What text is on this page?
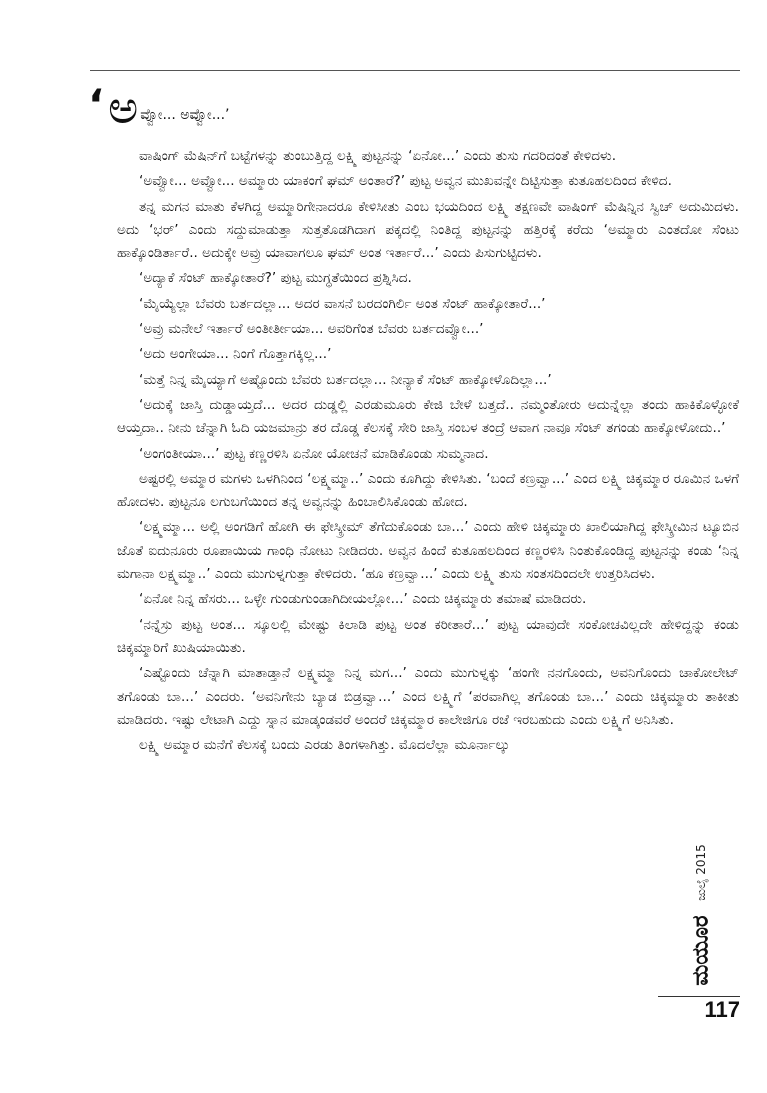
‘ ಅ ವ್ವೋ... ಅವ್ವೋ...’

ವಾಷಿಂಗ್ ಮೆಷಿನ್‌ಗೆ ಬಟ್ಟೆಗಳನ್ನು ತುಂಬುತ್ತಿದ್ದ ಲಕ್ಷ್ಮಿ ಪುಟ್ಟನನ್ನು ‘ಏನೋ...’ ಎಂದು ತುಸು ಗದರಿದಂತೆ ಕೇಳಿದಳು.

‘ಅವ್ವೋ... ಅವ್ವೋ... ಅಮ್ಮಾರು ಯಾಕಂಗೆ ಘಮ್ ಅಂತಾರೆ?’ ಪುಟ್ಟ ಅವ್ವನ ಮುಖವನ್ನೇ ದಿಟ್ಟಿಸುತ್ತಾ ಕುತೂಹಲದಿಂದ ಕೇಳಿದ.

ತನ್ನ ಮಗನ ಮಾತು ಕೆಳಗಿದ್ದ ಅಮ್ಮಾರಿಗೇನಾದರೂ ಕೇಳಿಸೀತು ಎಂಬ ಭಯದಿಂದ ಲಕ್ಷ್ಮಿ ತಕ್ಷಣವೇ ವಾಷಿಂಗ್ ಮೆಷಿನ್ನಿನ ಸ್ವಿಚ್ ಅದುಮಿದಳು. ಅದು ‘ಭರ್’ ಎಂದು ಸದ್ದುಮಾಡುತ್ತಾ ಸುತ್ತತೊಡಗಿದಾಗ ಪಕ್ಕದಲ್ಲಿ ನಿಂತಿದ್ದ ಪುಟ್ಟನನ್ನು ಹತ್ತಿರಕ್ಕೆ ಕರೆದು ‘ಅಮ್ಮಾರು ಎಂತದೋ ಸೆಂಟು ಹಾಕ್ಕೊಂಡಿರ್ತಾರೆ.. ಅದುಕ್ಕೇ ಅವ್ರು ಯಾವಾಗಲೂ ಘಮ್ ಅಂತ ಇರ್ತಾರೆ...’ ಎಂದು ಪಿಸುಗುಟ್ಟಿದಳು.

‘ಅದ್ಯಾಕೆ ಸೆಂಟ್ ಹಾಕ್ಕೋತಾರೆ?’ ಪುಟ್ಟ ಮುಗ್ಧತೆಯಿಂದ ಪ್ರಶ್ನಿಸಿದ.

‘ಮೈಯ್ಯೆಲ್ಲಾ ಬೆವರು ಬರ್ತದಲ್ಲಾ... ಅದರ ವಾಸನೆ ಬರದಂಗಿರ್ಲಿ ಅಂತ ಸೆಂಟ್ ಹಾಕ್ಕೋತಾರೆ...’

‘ಅವ್ರು ಮನೇಲೆ ಇರ್ತಾರೆ ಅಂತೀರ್ತೀಯಾ... ಅವರಿಗೆಂತ ಬೆವರು ಬರ್ತದವ್ವೋ...’

‘ಅದು ಅಂಗೇಯಾ... ನಿಂಗೆ ಗೊತ್ತಾಗಕ್ಕಿಲ್ಲ...’

‘ಮತ್ತೆ ನಿನ್ನ ಮೈಯ್ಯಾಗೆ ಅಷ್ಟೊಂದು ಬೆವರು ಬರ್ತದಲ್ಲಾ... ನೀನ್ಯಾಕೆ ಸೆಂಟ್ ಹಾಕ್ಕೋಳೊದಿಲ್ಲಾ...’

‘ಅದುಕ್ಕೆ ಜಾಸ್ತಿ ದುಡ್ಡಾಯ್ತದೆ... ಅದರ ದುಡ್ಡಲ್ಲಿ ಎರಡುಮೂರು ಕೇಜಿ ಬೇಳೆ ಬತ್ತದೆ.. ನಮ್ಮಂತೋರು ಅದುನ್ನೆಲ್ಲಾ ತಂದು ಹಾಕಿಕೊಳ್ಳೋಕೆ ಆಯ್ತದಾ.. ನೀನು ಚೆನ್ನಾಗಿ ಓದಿ ಯಜಮಾನ್ರು ತರ ದೊಡ್ಡ ಕೆಲಸಕ್ಕೆ ಸೇರಿ ಜಾಸ್ತಿ ಸಂಬಳ ತಂದ್ರೆ ಆವಾಗ ನಾವೂ ಸೆಂಟ್ ತಗಂಡು ಹಾಕ್ಕೋಳೋದು..’

‘ಅಂಗಂತೀಯಾ...’ ಪುಟ್ಟ ಕಣ್ಣರಳಿಸಿ ಏನೋ ಯೋಚನೆ ಮಾಡಿಕೊಂಡು ಸುಮ್ಮನಾದ.

ಅಷ್ಟರಲ್ಲಿ ಅಮ್ಮಾರ ಮಗಳು ಒಳಗಿನಿಂದ ‘ಲಕ್ಷ್ಮಮ್ಮಾ..’ ಎಂದು ಕೂಗಿದ್ದು ಕೇಳಿಸಿತು. ‘ಬಂದೆ ಕಣ್ರವ್ವಾ...’ ಎಂದ ಲಕ್ಷ್ಮಿ ಚಿಕ್ಕಮ್ಮಾರ ರೂಮಿನ ಒಳಗೆ ಹೋದಳು. ಪುಟ್ಟನೂ ಲಗುಬಗೆಯಿಂದ ತನ್ನ ಅವ್ವನನ್ನು ಹಿಂಬಾಲಿಸಿಕೊಂಡು ಹೋದ.

‘ಲಕ್ಷ್ಮಮ್ಮಾ... ಅಲ್ಲಿ ಅಂಗಡಿಗೆ ಹೋಗಿ ಈ ಫೇಸ್ಕ್ರೀಮ್ ತೆಗೆದುಕೊಂಡು ಬಾ...’ ಎಂದು ಹೇಳಿ ಚಿಕ್ಕಮ್ಮಾರು ಖಾಲಿಯಾಗಿದ್ದ ಫೇಸ್ಕ್ರೀಮಿನ ಟ್ಯೂಬಿನ ಜೊತೆ ಐದುನೂರು ರೂಪಾಯಿಯ ಗಾಂಧಿ ನೋಟು ನೀಡಿದರು. ಅವ್ವನ ಹಿಂದೆ ಕುತೂಹಲದಿಂದ ಕಣ್ಣರಳಿಸಿ ನಿಂತುಕೊಂಡಿದ್ದ ಪುಟ್ಟನನ್ನು ಕಂಡು ‘ನಿನ್ನ ಮಗಾನಾ ಲಕ್ಷ್ಮಮ್ಮಾ..’ ಎಂದು ಮುಗುಳ್ನಗುತ್ತಾ ಕೇಳಿದರು. ‘ಹೂ ಕಣ್ರವ್ವಾ...’ ಎಂದು ಲಕ್ಷ್ಮಿ ತುಸು ಸಂತಸದಿಂದಲೇ ಉತ್ತರಿಸಿದಳು.

‘ಏನೋ ನಿನ್ನ ಹೆಸರು... ಒಳ್ಳೇ ಗುಂಡುಗುಂಡಾಗಿದೀಯಲ್ಲೋ...’ ಎಂದು ಚಿಕ್ಕಮ್ಮಾರು ತಮಾಷೆ ಮಾಡಿದರು.

‘ನನ್ನೆಸ್ರು ಪುಟ್ಟ ಅಂತ... ಸ್ಕೂಲಲ್ಲಿ ಮೇಷ್ಟು ಕಿಲಾಡಿ ಪುಟ್ಟ ಅಂತ ಕರೀತಾರೆ...’ ಪುಟ್ಟ ಯಾವುದೇ ಸಂಕೋಚವಿಲ್ಲದೇ ಹೇಳಿದ್ದನ್ನು ಕಂಡು ಚಿಕ್ಕಮ್ಮಾರಿಗೆ ಖುಷಿಯಾಯಿತು.

‘ಎಷ್ಟೊಂದು ಚೆನ್ನಾಗಿ ಮಾತಾಡ್ತಾನೆ ಲಕ್ಷ್ಮಮ್ಮಾ ನಿನ್ನ ಮಗ...’ ಎಂದು ಮುಗುಳ್ನಕ್ಕು ‘ಹಂಗೇ ನನಗೊಂದು, ಅವನಿಗೊಂದು ಚಾಕೋಲೇಟ್ ತಗೊಂಡು ಬಾ...’ ಎಂದರು. ‘ಅವನಿಗೇನು ಬ್ಯಾಡ ಬಿಡ್ರವ್ವಾ...’ ಎಂದ ಲಕ್ಷ್ಮಿಗೆ ‘ಪರವಾಗಿಲ್ಲ ತಗೊಂಡು ಬಾ...’ ಎಂದು ಚಿಕ್ಕಮ್ಮಾರು ತಾಕೀತು ಮಾಡಿದರು. ಇಷ್ಟು ಲೇಟಾಗಿ ಎದ್ದು ಸ್ನಾನ ಮಾಡ್ಕಂಡವರೆ ಅಂದರೆ ಚಿಕ್ಕಮ್ಮಾರ ಕಾಲೇಜಿಗೂ ರಜೆ ಇರಬಹುದು ಎಂದು ಲಕ್ಷ್ಮಿಗೆ ಅನಿಸಿತು.

ಲಕ್ಷ್ಮಿ ಅಮ್ಮಾರ ಮನೆಗೆ ಕೆಲಸಕ್ಕೆ ಬಂದು ಎರಡು ತಿಂಗಳಾಗಿತ್ತು. ಮೊದಲೆಲ್ಲಾ ಮೂರ್ನಾಲ್ಕು

ಜುಲೈ 2015
ಮಯೂರ
117
